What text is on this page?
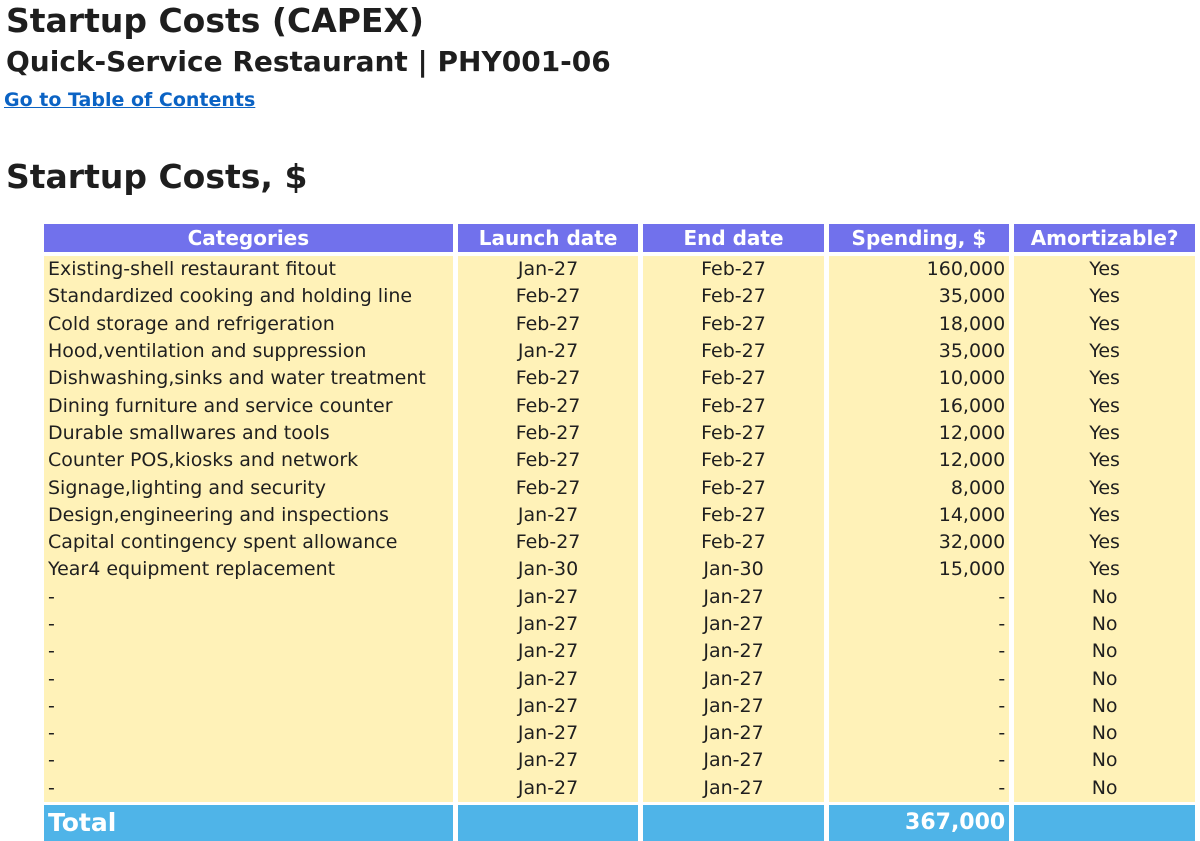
Startup Costs (CAPEX)
Quick-Service Restaurant | PHY001-06
Go to Table of Contents
Startup Costs, $
Categories	Launch date	End date	Spending, $	Amortizable?
Existing-shell restaurant fitout	Jan-27	Feb-27	160,000	Yes
Standardized cooking and holding line	Feb-27	Feb-27	35,000	Yes
Cold storage and refrigeration	Feb-27	Feb-27	18,000	Yes
Hood,ventilation and suppression	Jan-27	Feb-27	35,000	Yes
Dishwashing,sinks and water treatment	Feb-27	Feb-27	10,000	Yes
Dining furniture and service counter	Feb-27	Feb-27	16,000	Yes
Durable smallwares and tools	Feb-27	Feb-27	12,000	Yes
Counter POS,kiosks and network	Feb-27	Feb-27	12,000	Yes
Signage,lighting and security	Feb-27	Feb-27	8,000	Yes
Design,engineering and inspections	Jan-27	Feb-27	14,000	Yes
Capital contingency spent allowance	Feb-27	Feb-27	32,000	Yes
Year4 equipment replacement	Jan-30	Jan-30	15,000	Yes
-	Jan-27	Jan-27	-	No
-	Jan-27	Jan-27	-	No
-	Jan-27	Jan-27	-	No
-	Jan-27	Jan-27	-	No
-	Jan-27	Jan-27	-	No
-	Jan-27	Jan-27	-	No
-	Jan-27	Jan-27	-	No
-	Jan-27	Jan-27	-	No
Total			367,000	
